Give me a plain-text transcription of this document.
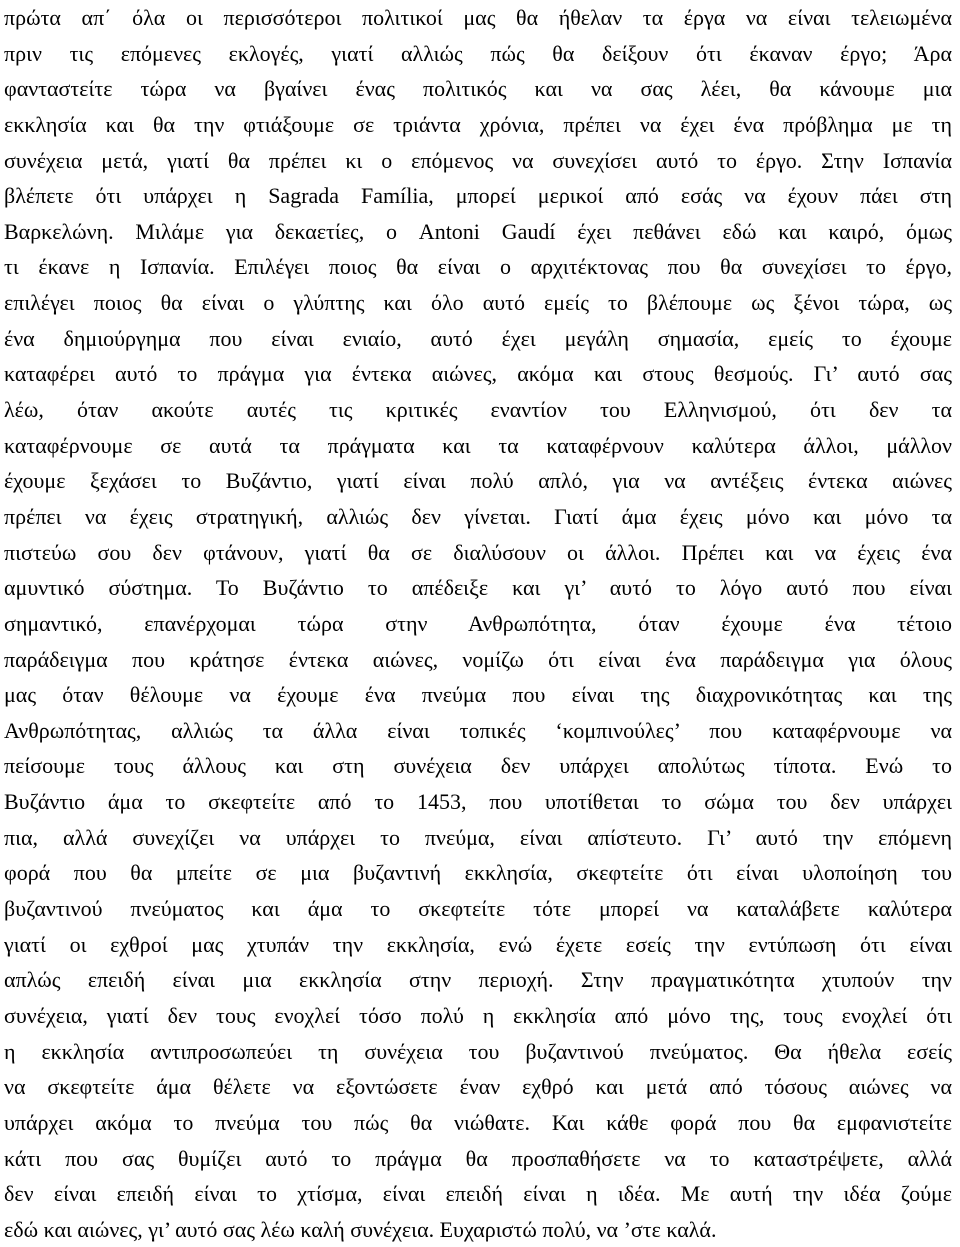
πρώτα απ΄ όλα οι περισσότεροι πολιτικοί μας θα ήθελαν τα έργα να είναι τελειωμένα
πριν τις επόμενες εκλογές, γιατί αλλιώς πώς θα δείξουν ότι έκαναν έργο; Άρα
φανταστείτε τώρα να βγαίνει ένας πολιτικός και να σας λέει, θα κάνουμε μια
εκκλησία και θα την φτιάξουμε σε τριάντα χρόνια, πρέπει να έχει ένα πρόβλημα με τη
συνέχεια μετά, γιατί θα πρέπει κι ο επόμενος να συνεχίσει αυτό το έργο. Στην Ισπανία
βλέπετε ότι υπάρχει η Sagrada Família, μπορεί μερικοί από εσάς να έχουν πάει στη
Βαρκελώνη. Μιλάμε για δεκαετίες, ο Antoni Gaudí έχει πεθάνει εδώ και καιρό, όμως
τι έκανε η Ισπανία. Επιλέγει ποιος θα είναι ο αρχιτέκτονας που θα συνεχίσει το έργο,
επιλέγει ποιος θα είναι ο γλύπτης και όλο αυτό εμείς το βλέπουμε ως ξένοι τώρα, ως
ένα δημιούργημα που είναι ενιαίο, αυτό έχει μεγάλη σημασία, εμείς το έχουμε
καταφέρει αυτό το πράγμα για έντεκα αιώνες, ακόμα και στους θεσμούς. Γι’ αυτό σας
λέω, όταν ακούτε αυτές τις κριτικές εναντίον του Ελληνισμού, ότι δεν τα
καταφέρνουμε σε αυτά τα πράγματα και τα καταφέρνουν καλύτερα άλλοι, μάλλον
έχουμε ξεχάσει το Βυζάντιο, γιατί είναι πολύ απλό, για να αντέξεις έντεκα αιώνες
πρέπει να έχεις στρατηγική, αλλιώς δεν γίνεται. Γιατί άμα έχεις μόνο και μόνο τα
πιστεύω σου δεν φτάνουν, γιατί θα σε διαλύσουν οι άλλοι. Πρέπει και να έχεις ένα
αμυντικό σύστημα. Το Βυζάντιο το απέδειξε και γι’ αυτό το λόγο αυτό που είναι
σημαντικό, επανέρχομαι τώρα στην Ανθρωπότητα, όταν έχουμε ένα τέτοιο
παράδειγμα που κράτησε έντεκα αιώνες, νομίζω ότι είναι ένα παράδειγμα για όλους
μας όταν θέλουμε να έχουμε ένα πνεύμα που είναι της διαχρονικότητας και της
Ανθρωπότητας, αλλιώς τα άλλα είναι τοπικές ‘κομπινούλες’ που καταφέρνουμε να
πείσουμε τους άλλους και στη συνέχεια δεν υπάρχει απολύτως τίποτα. Ενώ το
Βυζάντιο άμα το σκεφτείτε από το 1453, που υποτίθεται το σώμα του δεν υπάρχει
πια, αλλά συνεχίζει να υπάρχει το πνεύμα, είναι απίστευτο. Γι’ αυτό την επόμενη
φορά που θα μπείτε σε μια βυζαντινή εκκλησία, σκεφτείτε ότι είναι υλοποίηση του
βυζαντινού πνεύματος και άμα το σκεφτείτε τότε μπορεί να καταλάβετε καλύτερα
γιατί οι εχθροί μας χτυπάν την εκκλησία, ενώ έχετε εσείς την εντύπωση ότι είναι
απλώς επειδή είναι μια εκκλησία στην περιοχή. Στην πραγματικότητα χτυπούν την
συνέχεια, γιατί δεν τους ενοχλεί τόσο πολύ η εκκλησία από μόνο της, τους ενοχλεί ότι
η εκκλησία αντιπροσωπεύει τη συνέχεια του βυζαντινού πνεύματος. Θα ήθελα εσείς
να σκεφτείτε άμα θέλετε να εξοντώσετε έναν εχθρό και μετά από τόσους αιώνες να
υπάρχει ακόμα το πνεύμα του πώς θα νιώθατε. Και κάθε φορά που θα εμφανιστείτε
κάτι που σας θυμίζει αυτό το πράγμα θα προσπαθήσετε να το καταστρέψετε, αλλά
δεν είναι επειδή είναι το χτίσμα, είναι επειδή είναι η ιδέα. Με αυτή την ιδέα ζούμε
εδώ και αιώνες, γι’ αυτό σας λέω καλή συνέχεια. Ευχαριστώ πολύ, να ’στε καλά.
